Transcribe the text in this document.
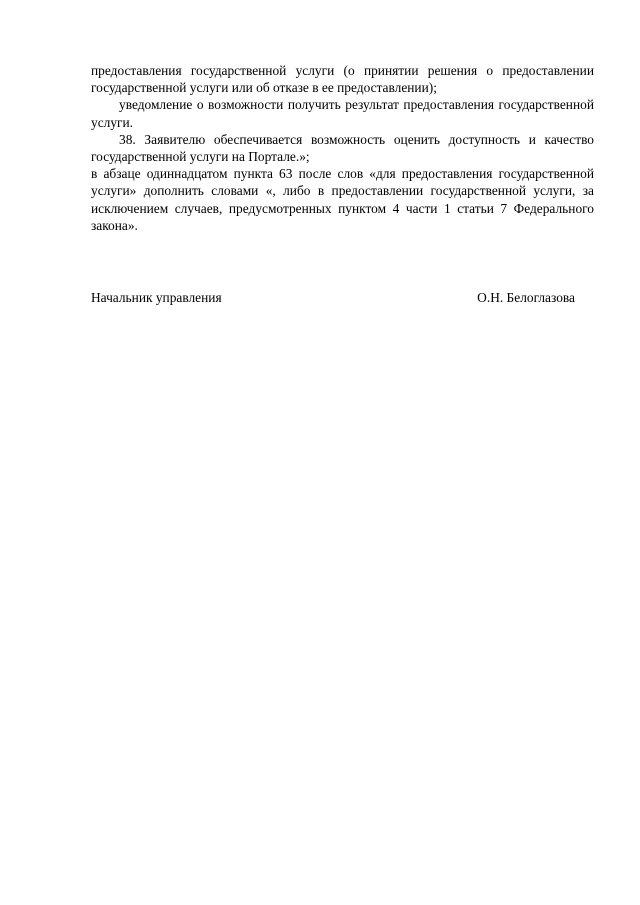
предоставления государственной услуги (о принятии решения о предоставлении государственной услуги или об отказе в ее предоставлении);

уведомление о возможности получить результат предоставления государственной услуги.

38. Заявителю обеспечивается возможность оценить доступность и качество государственной услуги на Портале.»;

в абзаце одиннадцатом пункта 63 после слов «для предоставления государственной услуги» дополнить словами «, либо в предоставлении государственной услуги, за исключением случаев, предусмотренных пунктом 4 части 1 статьи 7 Федерального закона».

Начальник управления	О.Н. Белоглазова
